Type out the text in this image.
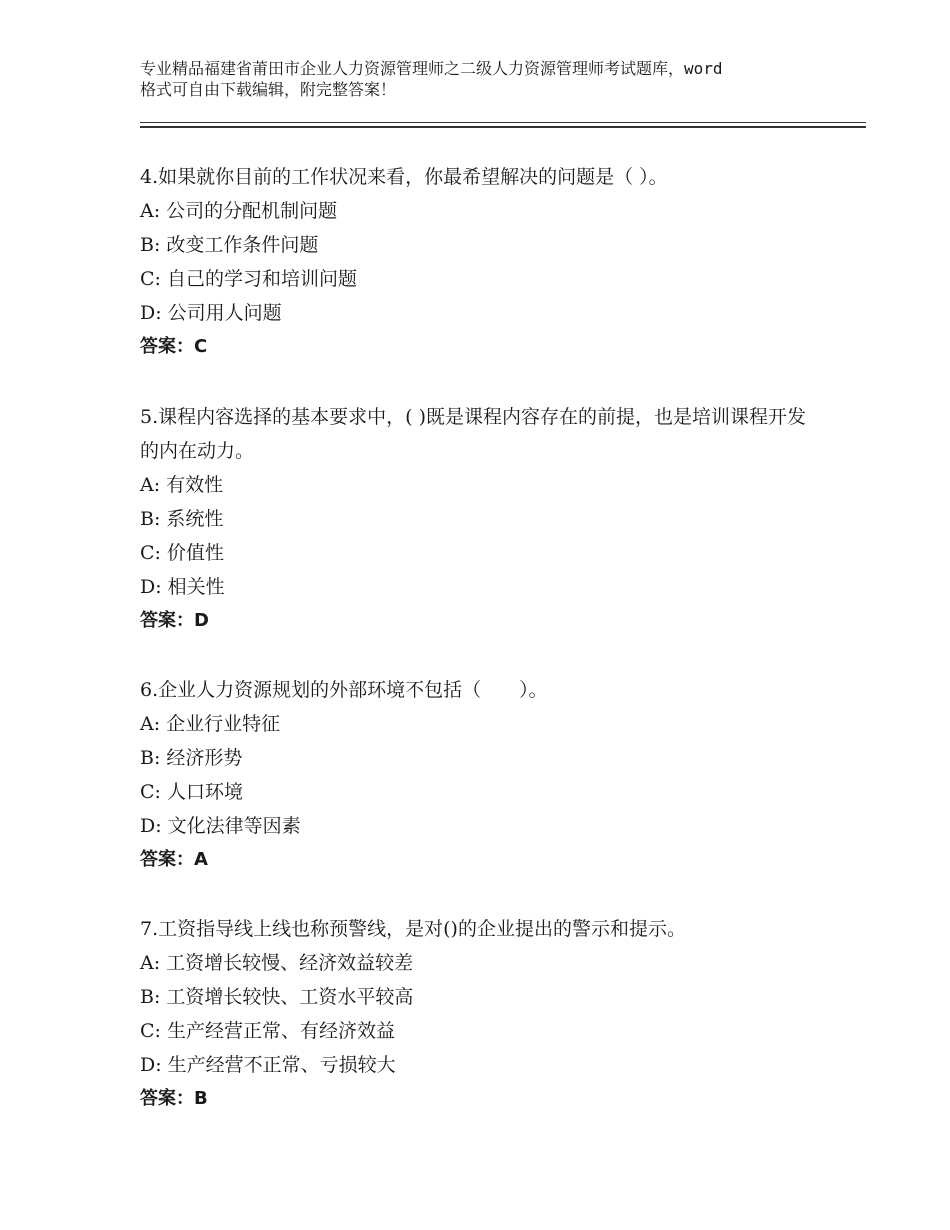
专业精品福建省莆田市企业人力资源管理师之二级人力资源管理师考试题库，word
格式可自由下载编辑，附完整答案！

4.如果就你目前的工作状况来看，你最希望解决的问题是（ ）。

A: 公司的分配机制问题

B: 改变工作条件问题

C: 自己的学习和培训问题

D: 公司用人问题

答案：C

5.课程内容选择的基本要求中，( )既是课程内容存在的前提，也是培训课程开发的内在动力。

A: 有效性

B: 系统性

C: 价值性

D: 相关性

答案：D

6.企业人力资源规划的外部环境不包括（　　）。

A: 企业行业特征

B: 经济形势

C: 人口环境

D: 文化法律等因素

答案：A

7.工资指导线上线也称预警线，是对()的企业提出的警示和提示。

A: 工资增长较慢、经济效益较差

B: 工资增长较快、工资水平较高

C: 生产经营正常、有经济效益

D: 生产经营不正常、亏损较大

答案：B
